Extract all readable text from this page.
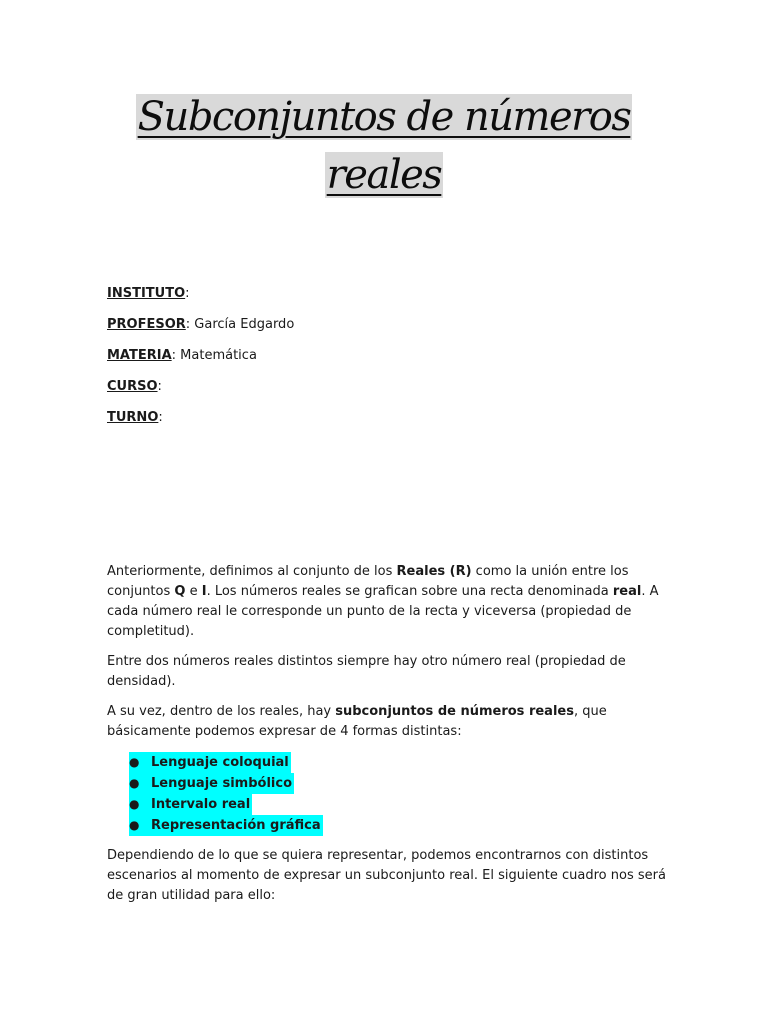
Subconjuntos de números
reales
INSTITUTO:
PROFESOR: García Edgardo
MATERIA: Matemática
CURSO:
TURNO:

Anteriormente, definimos al conjunto de los Reales (R) como la unión entre los conjuntos Q e I. Los números reales se grafican sobre una recta denominada real. A cada número real le corresponde un punto de la recta y viceversa (propiedad de completitud).

Entre dos números reales distintos siempre hay otro número real (propiedad de densidad).

A su vez, dentro de los reales, hay subconjuntos de números reales, que básicamente podemos expresar de 4 formas distintas:

● Lenguaje coloquial
● Lenguaje simbólico
● Intervalo real
● Representación gráfica

Dependiendo de lo que se quiera representar, podemos encontrarnos con distintos escenarios al momento de expresar un subconjunto real. El siguiente cuadro nos será de gran utilidad para ello:
